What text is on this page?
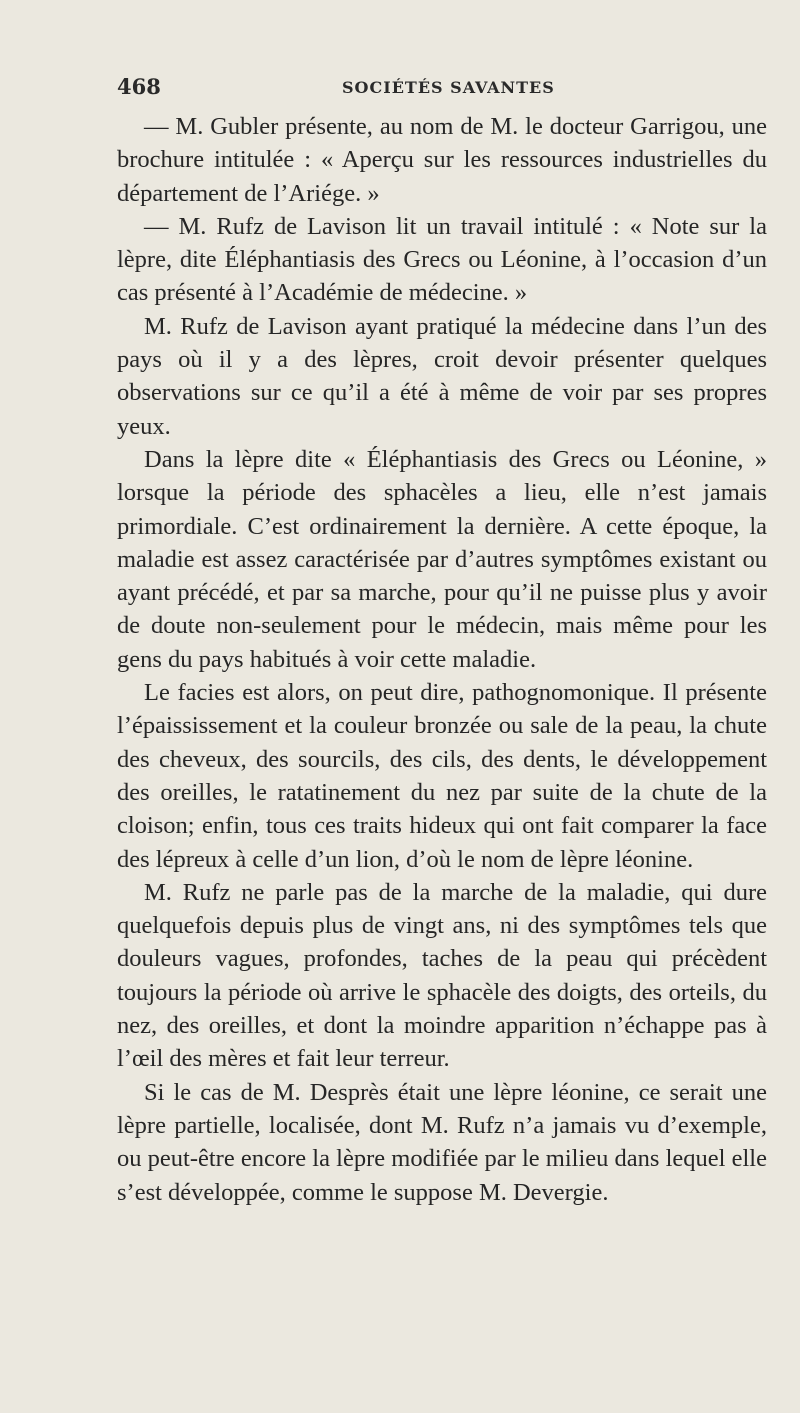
468	SOCIÉTÉS SAVANTES

— M. Gubler présente, au nom de M. le docteur Garrigou, une brochure intitulée : « Aperçu sur les ressources industrielles du département de l’Ariége. »

— M. Rufz de Lavison lit un travail intitulé : « Note sur la lèpre, dite Éléphantiasis des Grecs ou Léonine, à l’occasion d’un cas présenté à l’Académie de médecine. »

M. Rufz de Lavison ayant pratiqué la médecine dans l’un des pays où il y a des lèpres, croit devoir présenter quelques observations sur ce qu’il a été à même de voir par ses propres yeux.

Dans la lèpre dite « Éléphantiasis des Grecs ou Léonine, » lorsque la période des sphacèles a lieu, elle n’est jamais primordiale. C’est ordinairement la dernière. A cette époque, la maladie est assez caractérisée par d’autres symptômes existant ou ayant précédé, et par sa marche, pour qu’il ne puisse plus y avoir de doute non-seulement pour le médecin, mais même pour les gens du pays habitués à voir cette maladie.

Le facies est alors, on peut dire, pathognomonique. Il présente l’épaississement et la couleur bronzée ou sale de la peau, la chute des cheveux, des sourcils, des cils, des dents, le développement des oreilles, le ratatinement du nez par suite de la chute de la cloison; enfin, tous ces traits hideux qui ont fait comparer la face des lépreux à celle d’un lion, d’où le nom de lèpre léonine.

M. Rufz ne parle pas de la marche de la maladie, qui dure quelquefois depuis plus de vingt ans, ni des symptômes tels que douleurs vagues, profondes, taches de la peau qui précèdent toujours la période où arrive le sphacèle des doigts, des orteils, du nez, des oreilles, et dont la moindre apparition n’échappe pas à l’œil des mères et fait leur terreur.

Si le cas de M. Desprès était une lèpre léonine, ce serait une lèpre partielle, localisée, dont M. Rufz n’a jamais vu d’exemple, ou peut-être encore la lèpre modifiée par le milieu dans lequel elle s’est développée, comme le suppose M. Devergie.
